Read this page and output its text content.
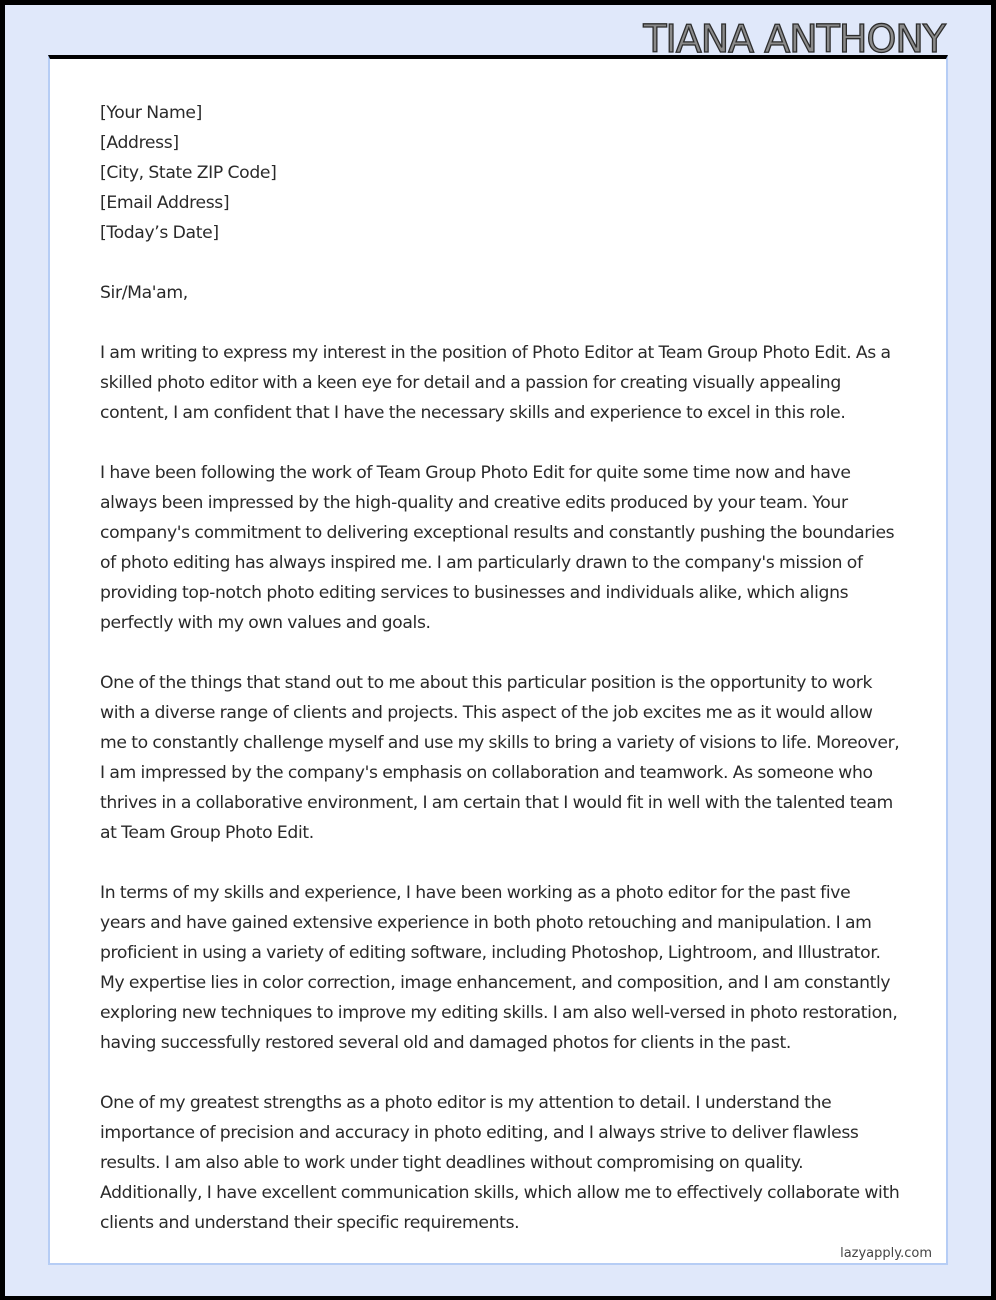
TIANA ANTHONY

[Your Name]
[Address]
[City, State ZIP Code]
[Email Address]
[Today’s Date]

Sir/Ma'am,

I am writing to express my interest in the position of Photo Editor at Team Group Photo Edit. As a skilled photo editor with a keen eye for detail and a passion for creating visually appealing content, I am confident that I have the necessary skills and experience to excel in this role.

I have been following the work of Team Group Photo Edit for quite some time now and have always been impressed by the high-quality and creative edits produced by your team. Your company's commitment to delivering exceptional results and constantly pushing the boundaries of photo editing has always inspired me. I am particularly drawn to the company's mission of providing top-notch photo editing services to businesses and individuals alike, which aligns perfectly with my own values and goals.

One of the things that stand out to me about this particular position is the opportunity to work with a diverse range of clients and projects. This aspect of the job excites me as it would allow me to constantly challenge myself and use my skills to bring a variety of visions to life. Moreover, I am impressed by the company's emphasis on collaboration and teamwork. As someone who thrives in a collaborative environment, I am certain that I would fit in well with the talented team at Team Group Photo Edit.

In terms of my skills and experience, I have been working as a photo editor for the past five years and have gained extensive experience in both photo retouching and manipulation. I am proficient in using a variety of editing software, including Photoshop, Lightroom, and Illustrator. My expertise lies in color correction, image enhancement, and composition, and I am constantly exploring new techniques to improve my editing skills. I am also well-versed in photo restoration, having successfully restored several old and damaged photos for clients in the past.

One of my greatest strengths as a photo editor is my attention to detail. I understand the importance of precision and accuracy in photo editing, and I always strive to deliver flawless results. I am also able to work under tight deadlines without compromising on quality. Additionally, I have excellent communication skills, which allow me to effectively collaborate with clients and understand their specific requirements.

lazyapply.com
